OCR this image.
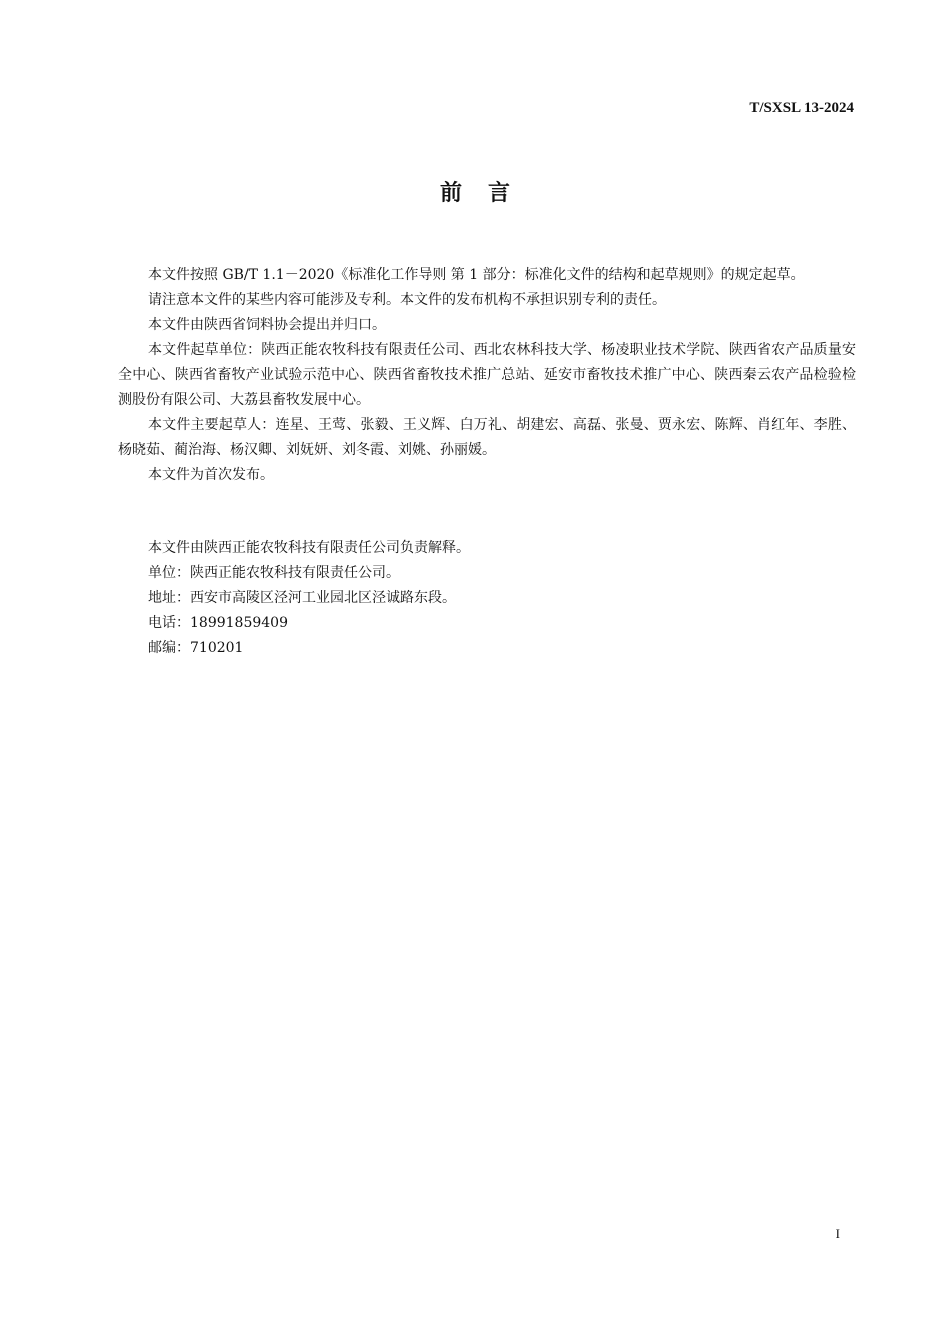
T/SXSL 13-2024
前言

本文件按照 GB/T 1.1－2020《标准化工作导则 第 1 部分：标准化文件的结构和起草规则》的规定起草。

请注意本文件的某些内容可能涉及专利。本文件的发布机构不承担识别专利的责任。

本文件由陕西省饲料协会提出并归口。

本文件起草单位：陕西正能农牧科技有限责任公司、西北农林科技大学、杨凌职业技术学院、陕西省农产品质量安全中心、陕西省畜牧产业试验示范中心、陕西省畜牧技术推广总站、延安市畜牧技术推广中心、陕西秦云农产品检验检测股份有限公司、大荔县畜牧发展中心。

本文件主要起草人：连星、王莺、张毅、王义辉、白万礼、胡建宏、高磊、张曼、贾永宏、陈辉、肖红年、李胜、杨晓茹、蔺治海、杨汉卿、刘妩妍、刘冬霞、刘姚、孙丽媛。

本文件为首次发布。

本文件由陕西正能农牧科技有限责任公司负责解释。

单位：陕西正能农牧科技有限责任公司。

地址：西安市高陵区泾河工业园北区泾诚路东段。

电话：18991859409

邮编：710201

I
